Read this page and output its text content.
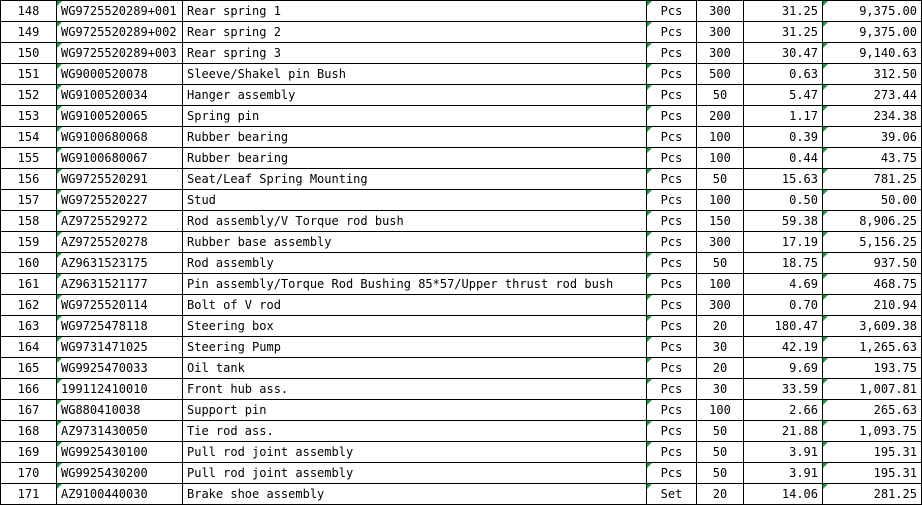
148	WG9725520289+001	Rear spring 1	Pcs	300	31.25	9,375.00
149	WG9725520289+002	Rear spring 2	Pcs	300	31.25	9,375.00
150	WG9725520289+003	Rear spring 3	Pcs	300	30.47	9,140.63
151	WG9000520078	Sleeve/Shakel pin Bush	Pcs	500	0.63	312.50
152	WG9100520034	Hanger assembly	Pcs	50	5.47	273.44
153	WG9100520065	Spring pin	Pcs	200	1.17	234.38
154	WG9100680068	Rubber bearing	Pcs	100	0.39	39.06
155	WG9100680067	Rubber bearing	Pcs	100	0.44	43.75
156	WG9725520291	Seat/Leaf Spring Mounting	Pcs	50	15.63	781.25
157	WG9725520227	Stud	Pcs	100	0.50	50.00
158	AZ9725529272	Rod assembly/V Torque rod bush	Pcs	150	59.38	8,906.25
159	AZ9725520278	Rubber base assembly	Pcs	300	17.19	5,156.25
160	AZ9631523175	Rod assembly	Pcs	50	18.75	937.50
161	AZ9631521177	Pin assembly/Torque Rod Bushing 85*57/Upper thrust rod bush	Pcs	100	4.69	468.75
162	WG9725520114	Bolt of V rod	Pcs	300	0.70	210.94
163	WG9725478118	Steering box	Pcs	20	180.47	3,609.38
164	WG9731471025	Steering Pump	Pcs	30	42.19	1,265.63
165	WG9925470033	Oil tank	Pcs	20	9.69	193.75
166	199112410010	Front hub ass.	Pcs	30	33.59	1,007.81
167	WG880410038	Support pin	Pcs	100	2.66	265.63
168	AZ9731430050	Tie rod ass.	Pcs	50	21.88	1,093.75
169	WG9925430100	Pull rod joint assembly	Pcs	50	3.91	195.31
170	WG9925430200	Pull rod joint assembly	Pcs	50	3.91	195.31
171	AZ9100440030	Brake shoe assembly	Set	20	14.06	281.25
